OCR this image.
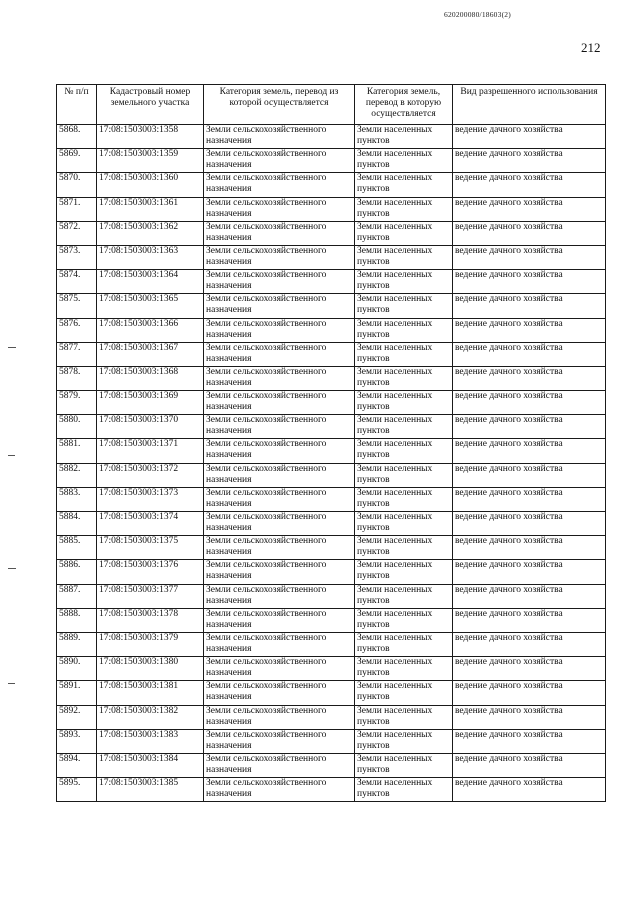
620200080/18603(2)
212
№ п/п	Кадастровый номер земельного участка	Категория земель, перевод из которой осуществляется	Категория земель, перевод в которую осуществляется	Вид разрешенного использования
5868.	17:08:1503003:1358	Земли сельскохозяйственного назначения	Земли населенных пунктов	ведение дачного хозяйства
5869.	17:08:1503003:1359	Земли сельскохозяйственного назначения	Земли населенных пунктов	ведение дачного хозяйства
5870.	17:08:1503003:1360	Земли сельскохозяйственного назначения	Земли населенных пунктов	ведение дачного хозяйства
5871.	17:08:1503003:1361	Земли сельскохозяйственного назначения	Земли населенных пунктов	ведение дачного хозяйства
5872.	17:08:1503003:1362	Земли сельскохозяйственного назначения	Земли населенных пунктов	ведение дачного хозяйства
5873.	17:08:1503003:1363	Земли сельскохозяйственного назначения	Земли населенных пунктов	ведение дачного хозяйства
5874.	17:08:1503003:1364	Земли сельскохозяйственного назначения	Земли населенных пунктов	ведение дачного хозяйства
5875.	17:08:1503003:1365	Земли сельскохозяйственного назначения	Земли населенных пунктов	ведение дачного хозяйства
5876.	17:08:1503003:1366	Земли сельскохозяйственного назначения	Земли населенных пунктов	ведение дачного хозяйства
5877.	17:08:1503003:1367	Земли сельскохозяйственного назначения	Земли населенных пунктов	ведение дачного хозяйства
5878.	17:08:1503003:1368	Земли сельскохозяйственного назначения	Земли населенных пунктов	ведение дачного хозяйства
5879.	17:08:1503003:1369	Земли сельскохозяйственного назначения	Земли населенных пунктов	ведение дачного хозяйства
5880.	17:08:1503003:1370	Земли сельскохозяйственного назначения	Земли населенных пунктов	ведение дачного хозяйства
5881.	17:08:1503003:1371	Земли сельскохозяйственного назначения	Земли населенных пунктов	ведение дачного хозяйства
5882.	17:08:1503003:1372	Земли сельскохозяйственного назначения	Земли населенных пунктов	ведение дачного хозяйства
5883.	17:08:1503003:1373	Земли сельскохозяйственного назначения	Земли населенных пунктов	ведение дачного хозяйства
5884.	17:08:1503003:1374	Земли сельскохозяйственного назначения	Земли населенных пунктов	ведение дачного хозяйства
5885.	17:08:1503003:1375	Земли сельскохозяйственного назначения	Земли населенных пунктов	ведение дачного хозяйства
5886.	17:08:1503003:1376	Земли сельскохозяйственного назначения	Земли населенных пунктов	ведение дачного хозяйства
5887.	17:08:1503003:1377	Земли сельскохозяйственного назначения	Земли населенных пунктов	ведение дачного хозяйства
5888.	17:08:1503003:1378	Земли сельскохозяйственного назначения	Земли населенных пунктов	ведение дачного хозяйства
5889.	17:08:1503003:1379	Земли сельскохозяйственного назначения	Земли населенных пунктов	ведение дачного хозяйства
5890.	17:08:1503003:1380	Земли сельскохозяйственного назначения	Земли населенных пунктов	ведение дачного хозяйства
5891.	17:08:1503003:1381	Земли сельскохозяйственного назначения	Земли населенных пунктов	ведение дачного хозяйства
5892.	17:08:1503003:1382	Земли сельскохозяйственного назначения	Земли населенных пунктов	ведение дачного хозяйства
5893.	17:08:1503003:1383	Земли сельскохозяйственного назначения	Земли населенных пунктов	ведение дачного хозяйства
5894.	17:08:1503003:1384	Земли сельскохозяйственного назначения	Земли населенных пунктов	ведение дачного хозяйства
5895.	17:08:1503003:1385	Земли сельскохозяйственного назначения	Земли населенных пунктов	ведение дачного хозяйства
